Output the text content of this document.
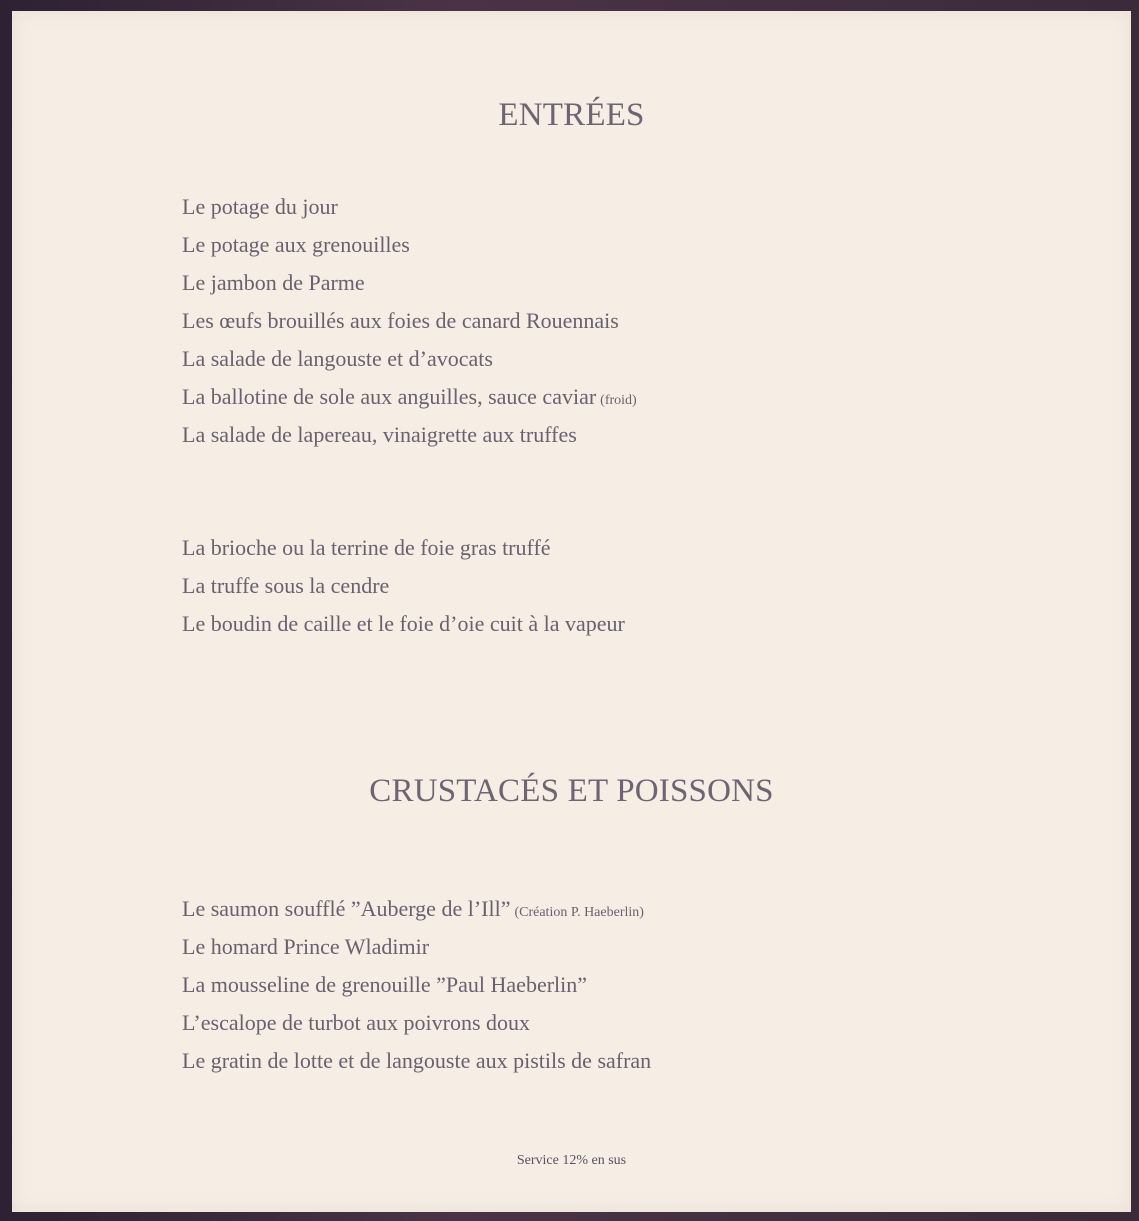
ENTRÉES
Le potage du jour
Le potage aux grenouilles
Le jambon de Parme
Les œufs brouillés aux foies de canard Rouennais
La salade de langouste et d’avocats
La ballotine de sole aux anguilles, sauce caviar (froid)
La salade de lapereau, vinaigrette aux truffes
La brioche ou la terrine de foie gras truffé
La truffe sous la cendre
Le boudin de caille et le foie d’oie cuit à la vapeur
CRUSTACÉS ET POISSONS
Le saumon soufflé ”Auberge de l’Ill” (Création P. Haeberlin)
Le homard Prince Wladimir
La mousseline de grenouille ”Paul Haeberlin”
L’escalope de turbot aux poivrons doux
Le gratin de lotte et de langouste aux pistils de safran
Service 12% en sus
